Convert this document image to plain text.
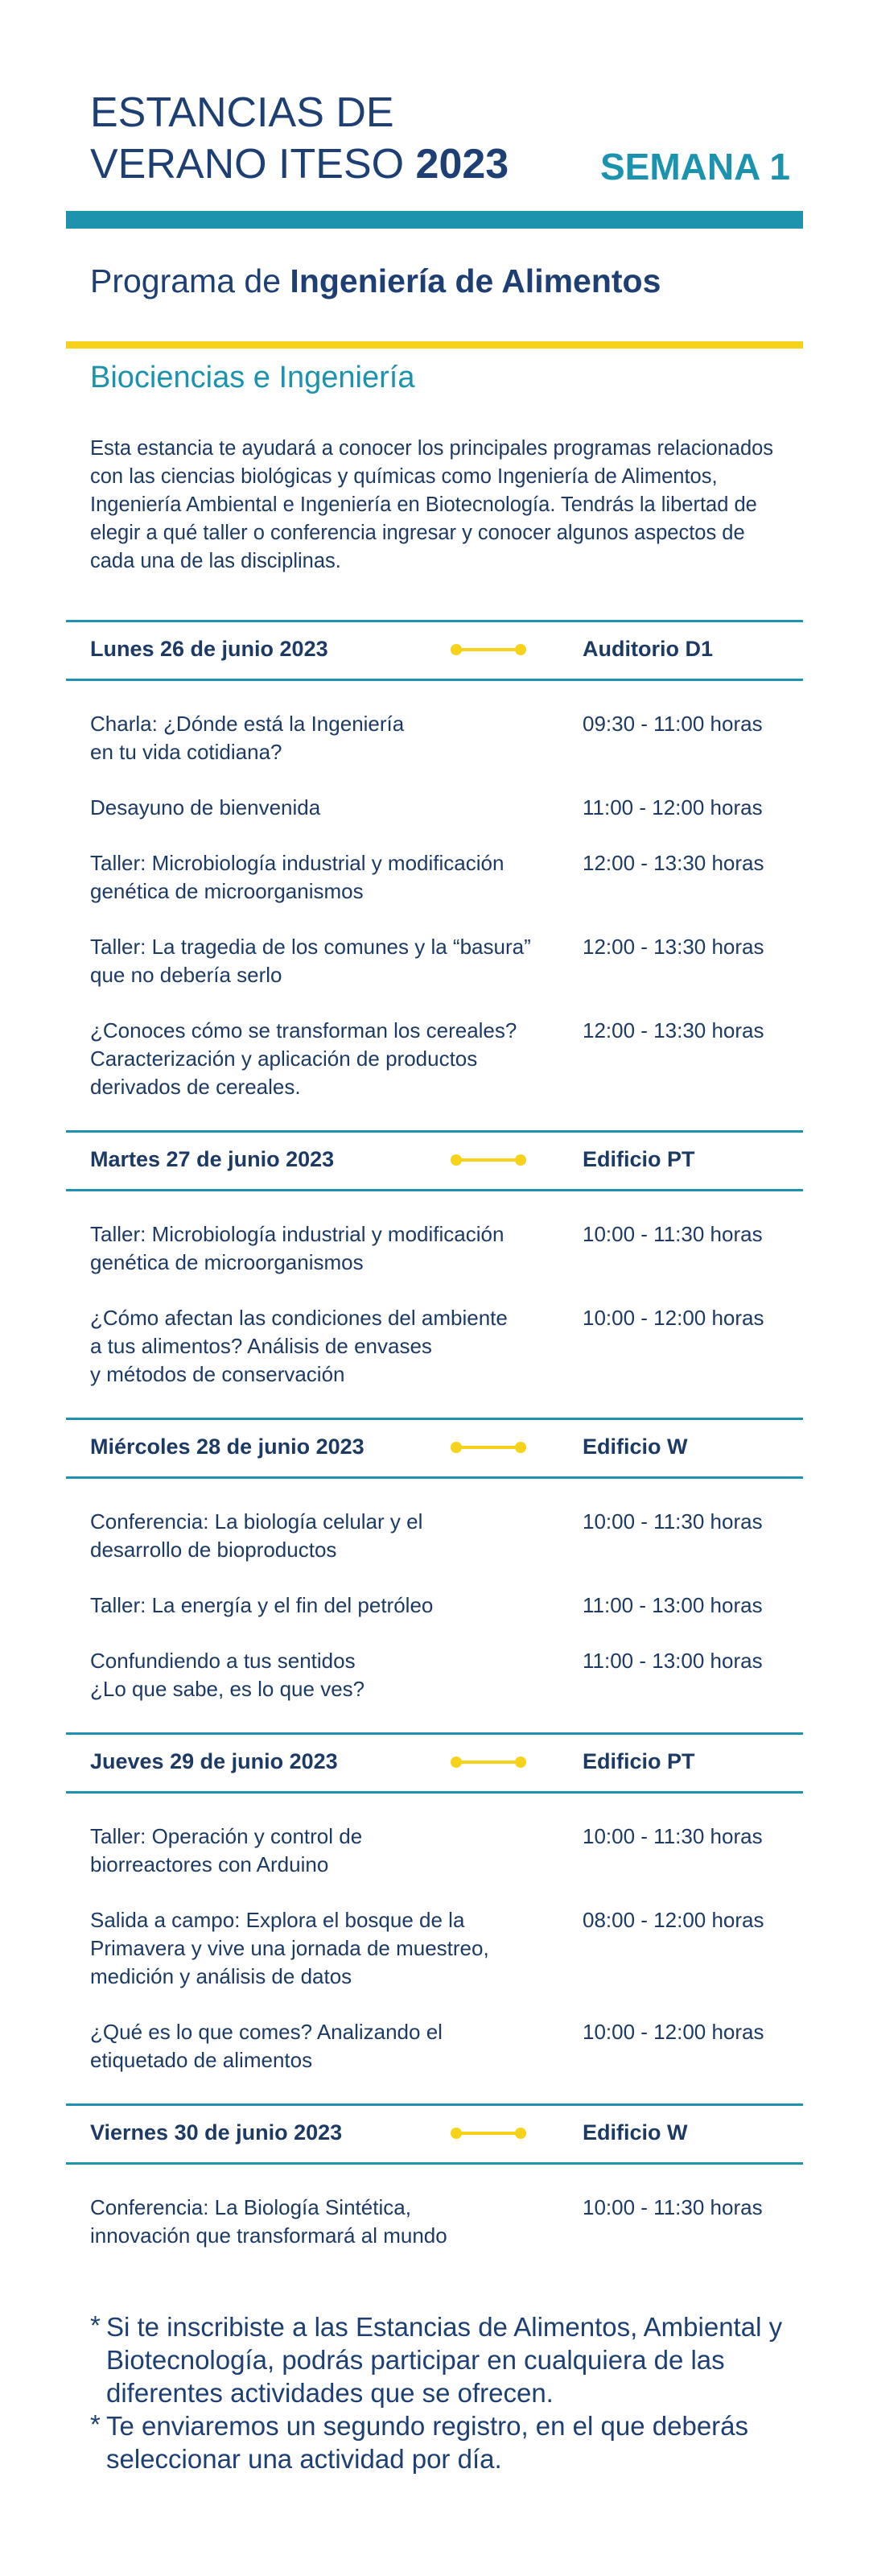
ESTANCIAS DE
VERANO ITESO 2023 SEMANA 1
Programa de Ingeniería de Alimentos
Biociencias e Ingeniería
Esta estancia te ayudará a conocer los principales programas relacionados con las ciencias biológicas y químicas como Ingeniería de Alimentos, Ingeniería Ambiental e Ingeniería en Biotecnología. Tendrás la libertad de elegir a qué taller o conferencia ingresar y conocer algunos aspectos de cada una de las disciplinas.
Lunes 26 de junio 2023	Auditorio D1
Charla: ¿Dónde está la Ingeniería
en tu vida cotidiana?
09:30 - 11:00 horas
Desayuno de bienvenida	11:00 - 12:00 horas
Taller: Microbiología industrial y modificación
genética de microorganismos
12:00 - 13:30 horas
Taller: La tragedia de los comunes y la “basura”
que no debería serlo
12:00 - 13:30 horas
¿Conoces cómo se transforman los cereales?
Caracterización y aplicación de productos
derivados de cereales.
12:00 - 13:30 horas
Martes 27 de junio 2023	Edificio PT
Taller: Microbiología industrial y modificación
genética de microorganismos
10:00 - 11:30 horas
¿Cómo afectan las condiciones del ambiente
a tus alimentos? Análisis de envases
y métodos de conservación
10:00 - 12:00 horas
Miércoles 28 de junio 2023	Edificio W
Conferencia: La biología celular y el
desarrollo de bioproductos
10:00 - 11:30 horas
Taller: La energía y el fin del petróleo	11:00 - 13:00 horas
Confundiendo a tus sentidos
¿Lo que sabe, es lo que ves?
11:00 - 13:00 horas
Jueves 29 de junio 2023	Edificio PT
Taller: Operación y control de
biorreactores con Arduino
10:00 - 11:30 horas
Salida a campo: Explora el bosque de la
Primavera y vive una jornada de muestreo,
medición y análisis de datos
08:00 - 12:00 horas
¿Qué es lo que comes? Analizando el
etiquetado de alimentos
10:00 - 12:00 horas
Viernes 30 de junio 2023	Edificio W
Conferencia: La Biología Sintética,
innovación que transformará al mundo
10:00 - 11:30 horas
* Si te inscribiste a las Estancias de Alimentos, Ambiental y Biotecnología, podrás participar en cualquiera de las diferentes actividades que se ofrecen.
* Te enviaremos un segundo registro, en el que deberás seleccionar una actividad por día.
